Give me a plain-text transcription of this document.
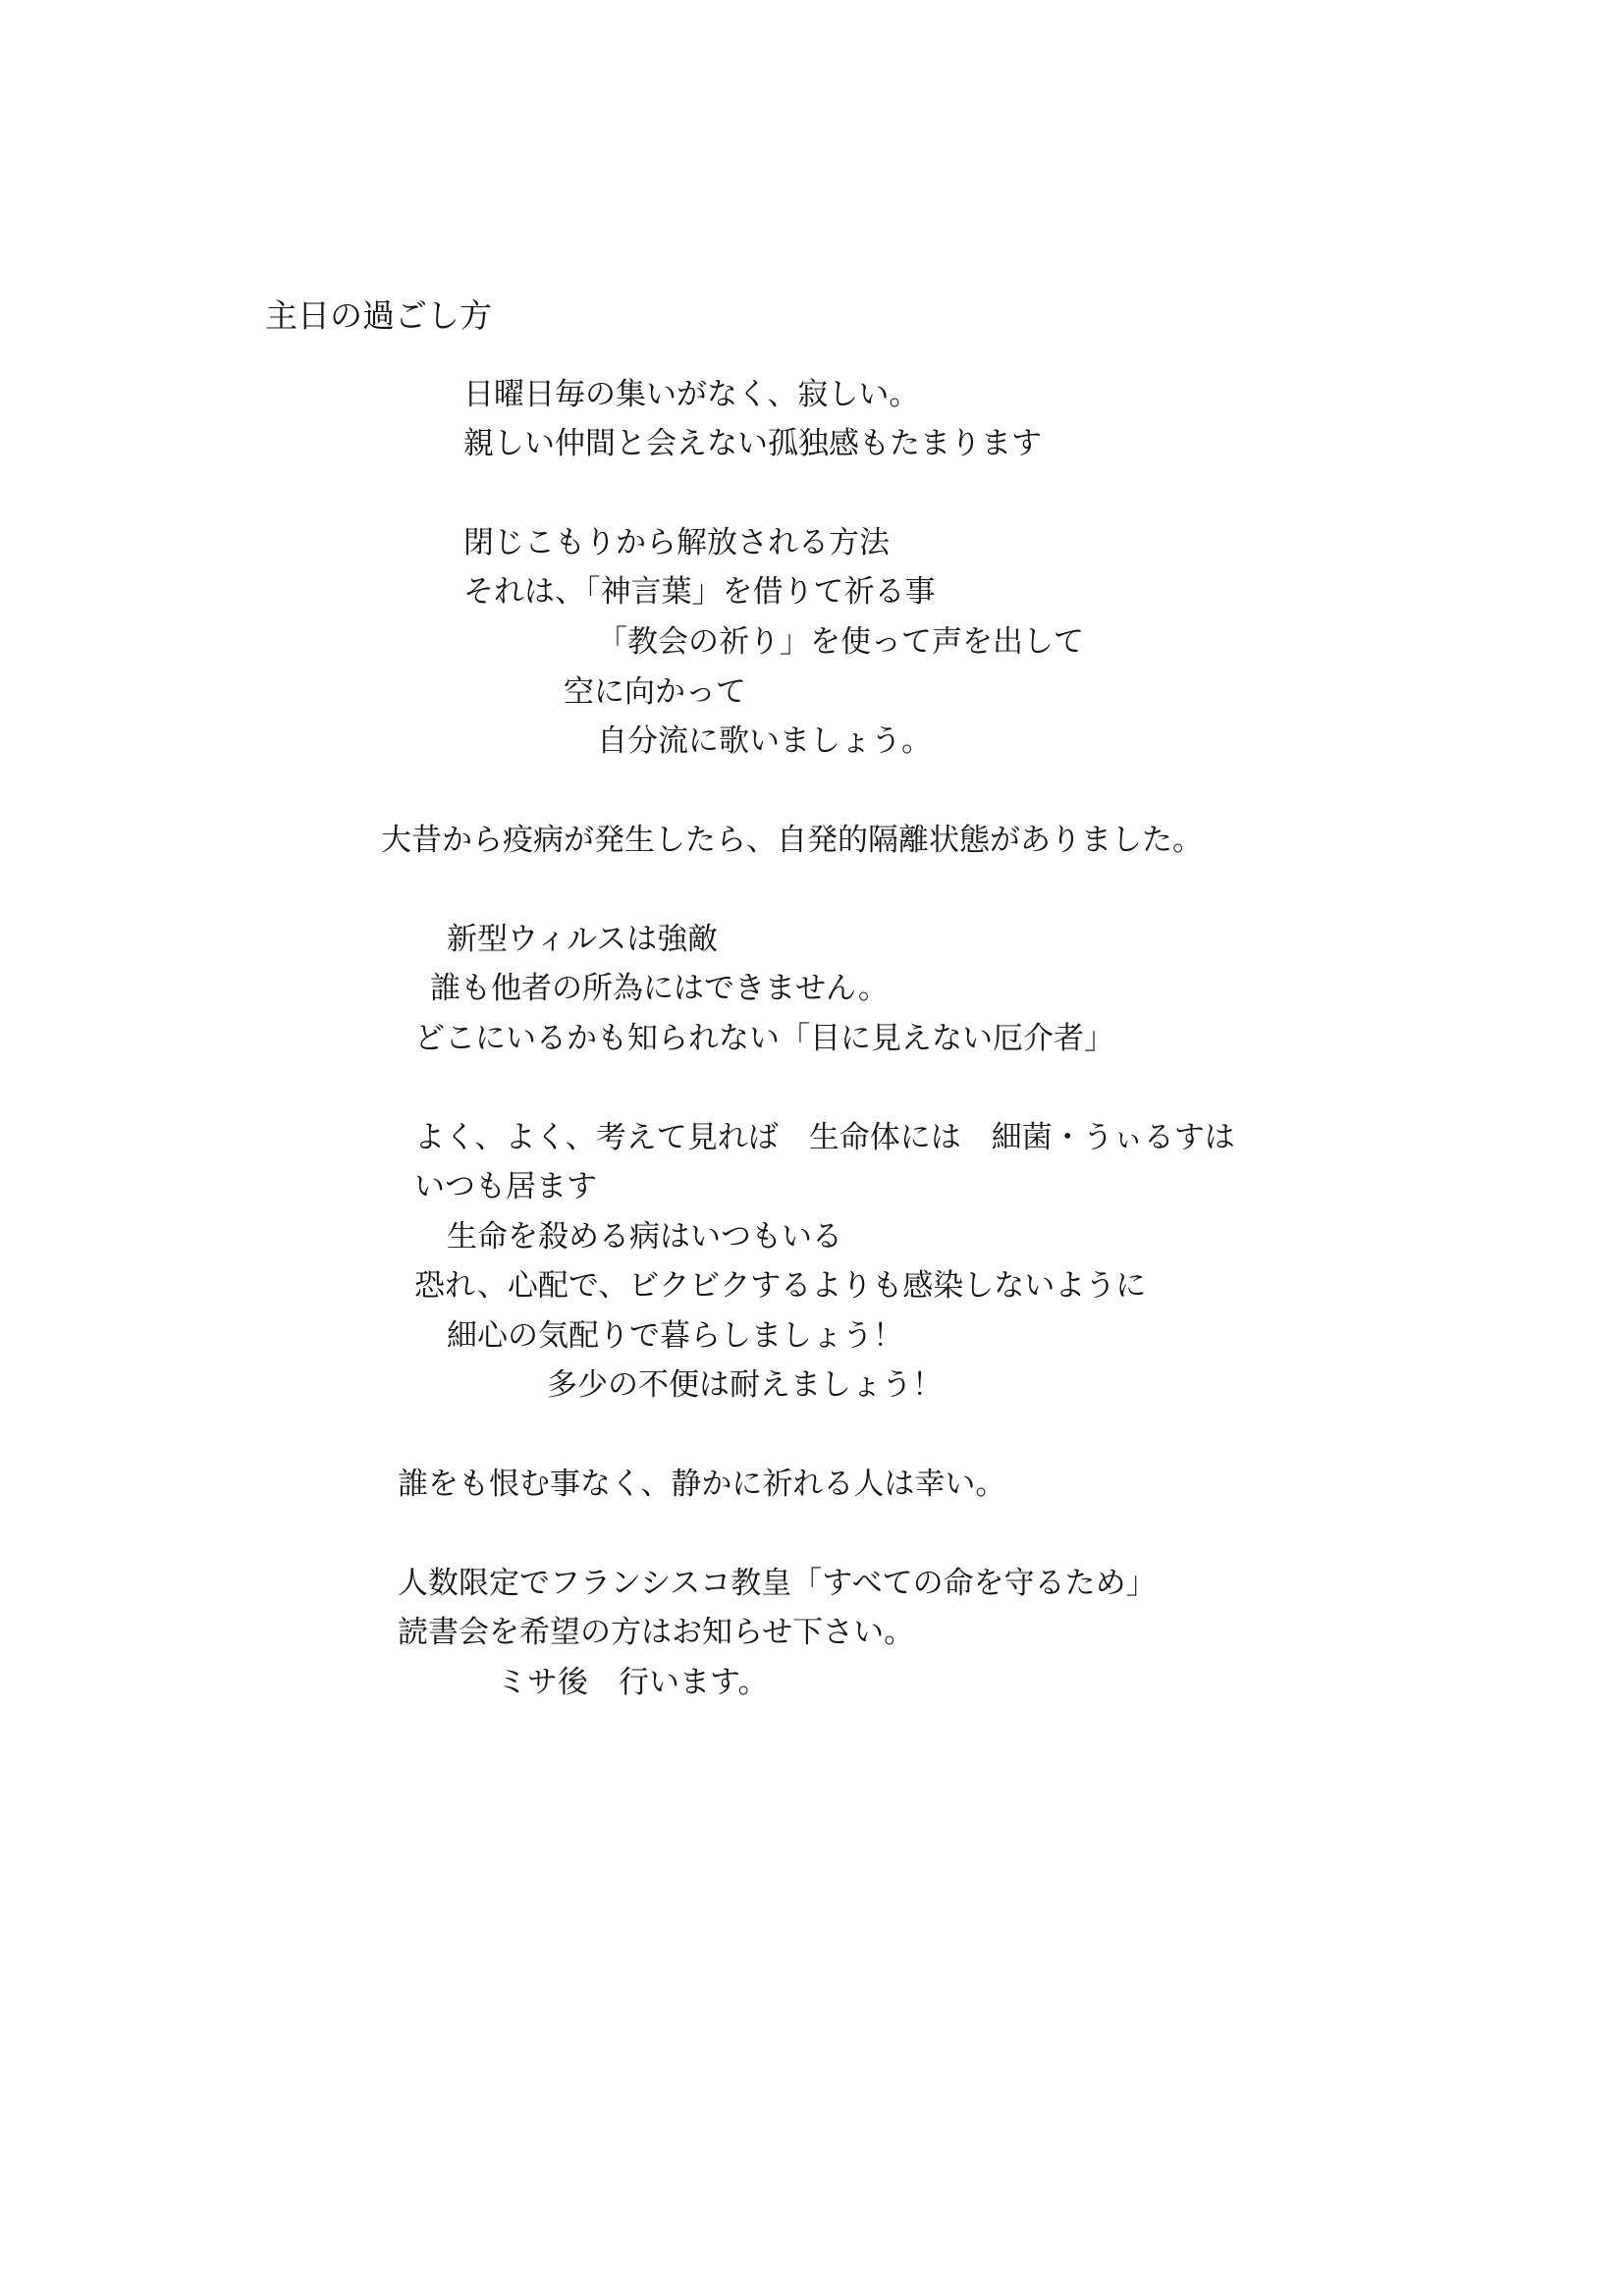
主日の過ごし方

日曜日毎の集いがなく、寂しい。

親しい仲間と会えない孤独感もたまります

閉じこもりから解放される方法

それは、「神言葉」を借りて祈る事

「教会の祈り」を使って声を出して

空に向かって

自分流に歌いましょう。

大昔から疫病が発生したら、自発的隔離状態がありました。

新型ウィルスは強敵

誰も他者の所為にはできません。

どこにいるかも知られない「目に見えない厄介者」

よく、よく、考えて見れば　生命体には　細菌・うぃるすは

いつも居ます

生命を殺める病はいつもいる

恐れ、心配で、ビクビクするよりも感染しないように

細心の気配りで暮らしましょう！

多少の不便は耐えましょう！

誰をも恨む事なく、静かに祈れる人は幸い。

人数限定でフランシスコ教皇「すべての命を守るため」

読書会を希望の方はお知らせ下さい。

ミサ後　行います。
